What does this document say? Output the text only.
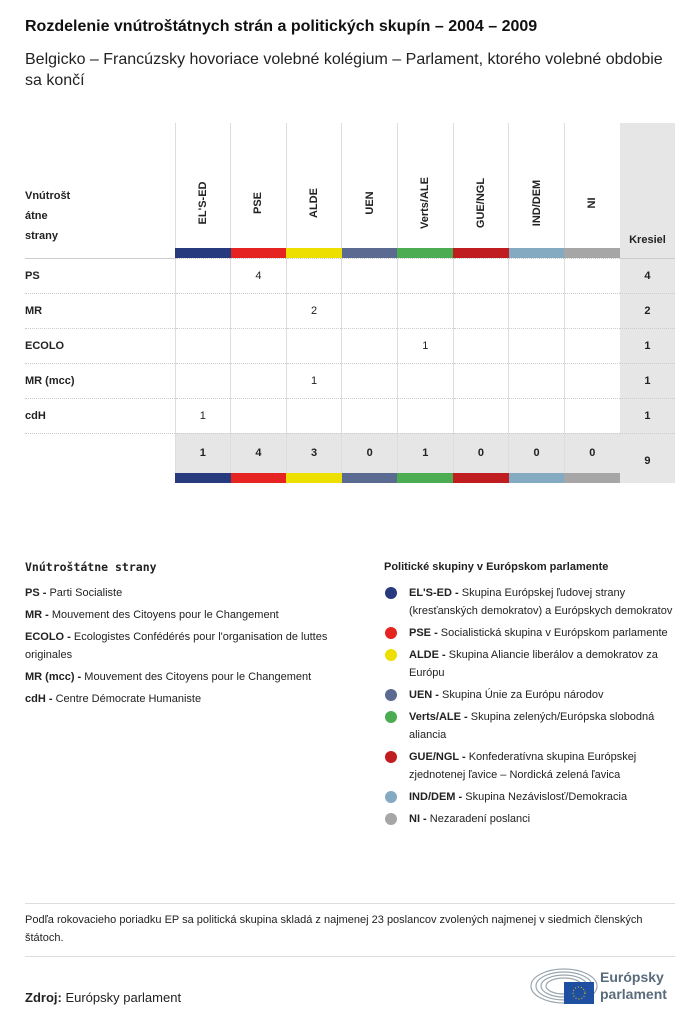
Rozdelenie vnútroštátnych strán a politických skupín – 2004 – 2009
Belgicko – Francúzsky hovoriace volebné kolégium – Parlament, ktorého volebné obdobie sa končí
Vnútrošt átne strany	EL'S-ED	PSE	ALDE	UEN	Verts/ALE	GUE/NGL	IND/DEM	NI	Kresiel

PS		4							4
MR			2						2
ECOLO					1				1
MR (mcc)			1						1
cdH	1								1
	1	4	3	0	1	0	0	0	9

Vnútroštátne strany

PS - Parti Socialiste

MR - Mouvement des Citoyens pour le Changement

ECOLO - Ecologistes Confédérés pour l'organisation de luttes originales

MR (mcc) - Mouvement des Citoyens pour le Changement

cdH - Centre Démocrate Humaniste

Politické skupiny v Európskom parlamente
EL'S-ED - Skupina Európskej ľudovej strany (kresťanských demokratov) a Európskych demokratov
PSE - Socialistická skupina v Európskom parlamente
ALDE - Skupina Aliancie liberálov a demokratov za Európu
UEN - Skupina Únie za Európu národov
Verts/ALE - Skupina zelených/Európska slobodná aliancia
GUE/NGL - Konfederatívna skupina Európskej zjednotenej ľavice – Nordická zelená ľavica
IND/DEM - Skupina Nezávislosť/Demokracia
NI - Nezaradení poslanci
Podľa rokovacieho poriadku EP sa politická skupina skladá z najmenej 23 poslancov zvolených najmenej v siedmich členských štátoch.
Zdroj: Európsky parlament
Európsky
parlament
